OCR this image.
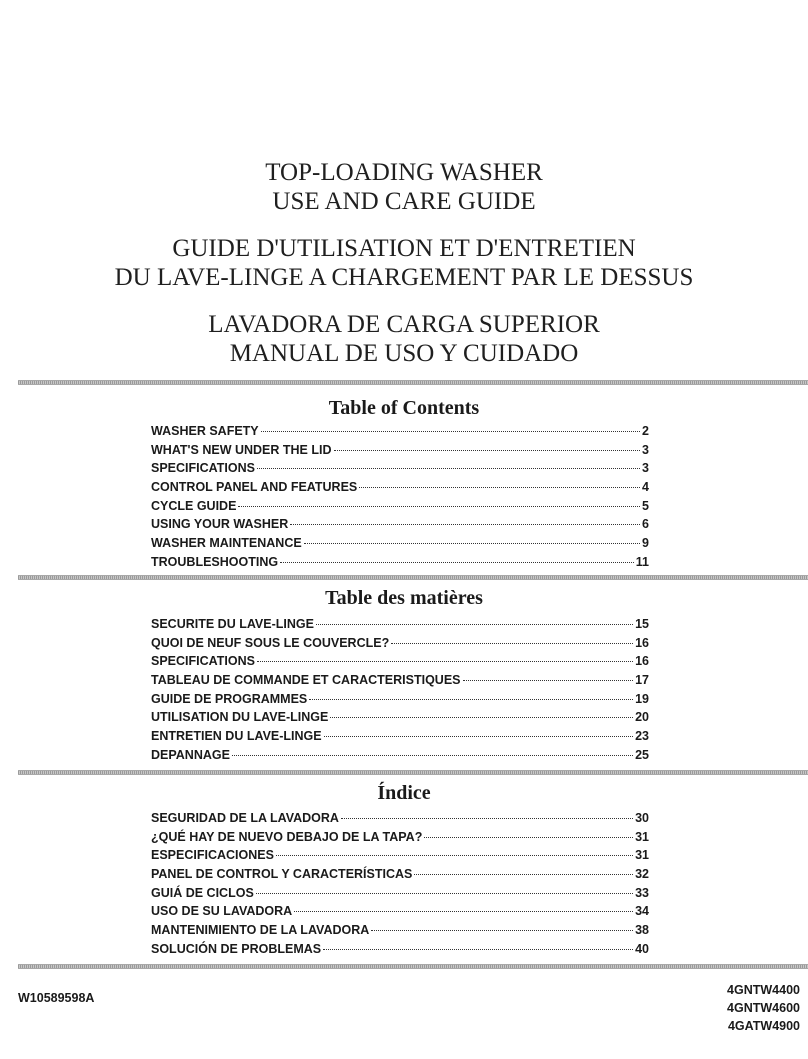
TOP-LOADING WASHER
USE AND CARE GUIDE
GUIDE D'UTILISATION ET D'ENTRETIEN
DU LAVE-LINGE A CHARGEMENT PAR LE DESSUS
LAVADORA DE CARGA SUPERIOR
MANUAL DE USO Y CUIDADO
Table of Contents
WASHER SAFETY	2
WHAT'S NEW UNDER THE LID	3
SPECIFICATIONS	3
CONTROL PANEL AND FEATURES	4
CYCLE GUIDE	5
USING YOUR WASHER	6
WASHER MAINTENANCE	9
TROUBLESHOOTING	11
Table des matières
SECURITE DU LAVE-LINGE	15
QUOI DE NEUF SOUS LE COUVERCLE?	16
SPECIFICATIONS	16
TABLEAU DE COMMANDE ET CARACTERISTIQUES	17
GUIDE DE PROGRAMMES	19
UTILISATION DU LAVE-LINGE	20
ENTRETIEN DU LAVE-LINGE	23
DEPANNAGE	25
Índice
SEGURIDAD DE LA LAVADORA	30
¿QUÉ HAY DE NUEVO DEBAJO DE LA TAPA?	31
ESPECIFICACIONES	31
PANEL DE CONTROL Y CARACTERÍSTICAS	32
GUIÁ DE CICLOS	33
USO DE SU LAVADORA	34
MANTENIMIENTO DE LA LAVADORA	38
SOLUCIÓN DE PROBLEMAS	40
W10589598A
4GNTW4400
4GNTW4600
4GATW4900
